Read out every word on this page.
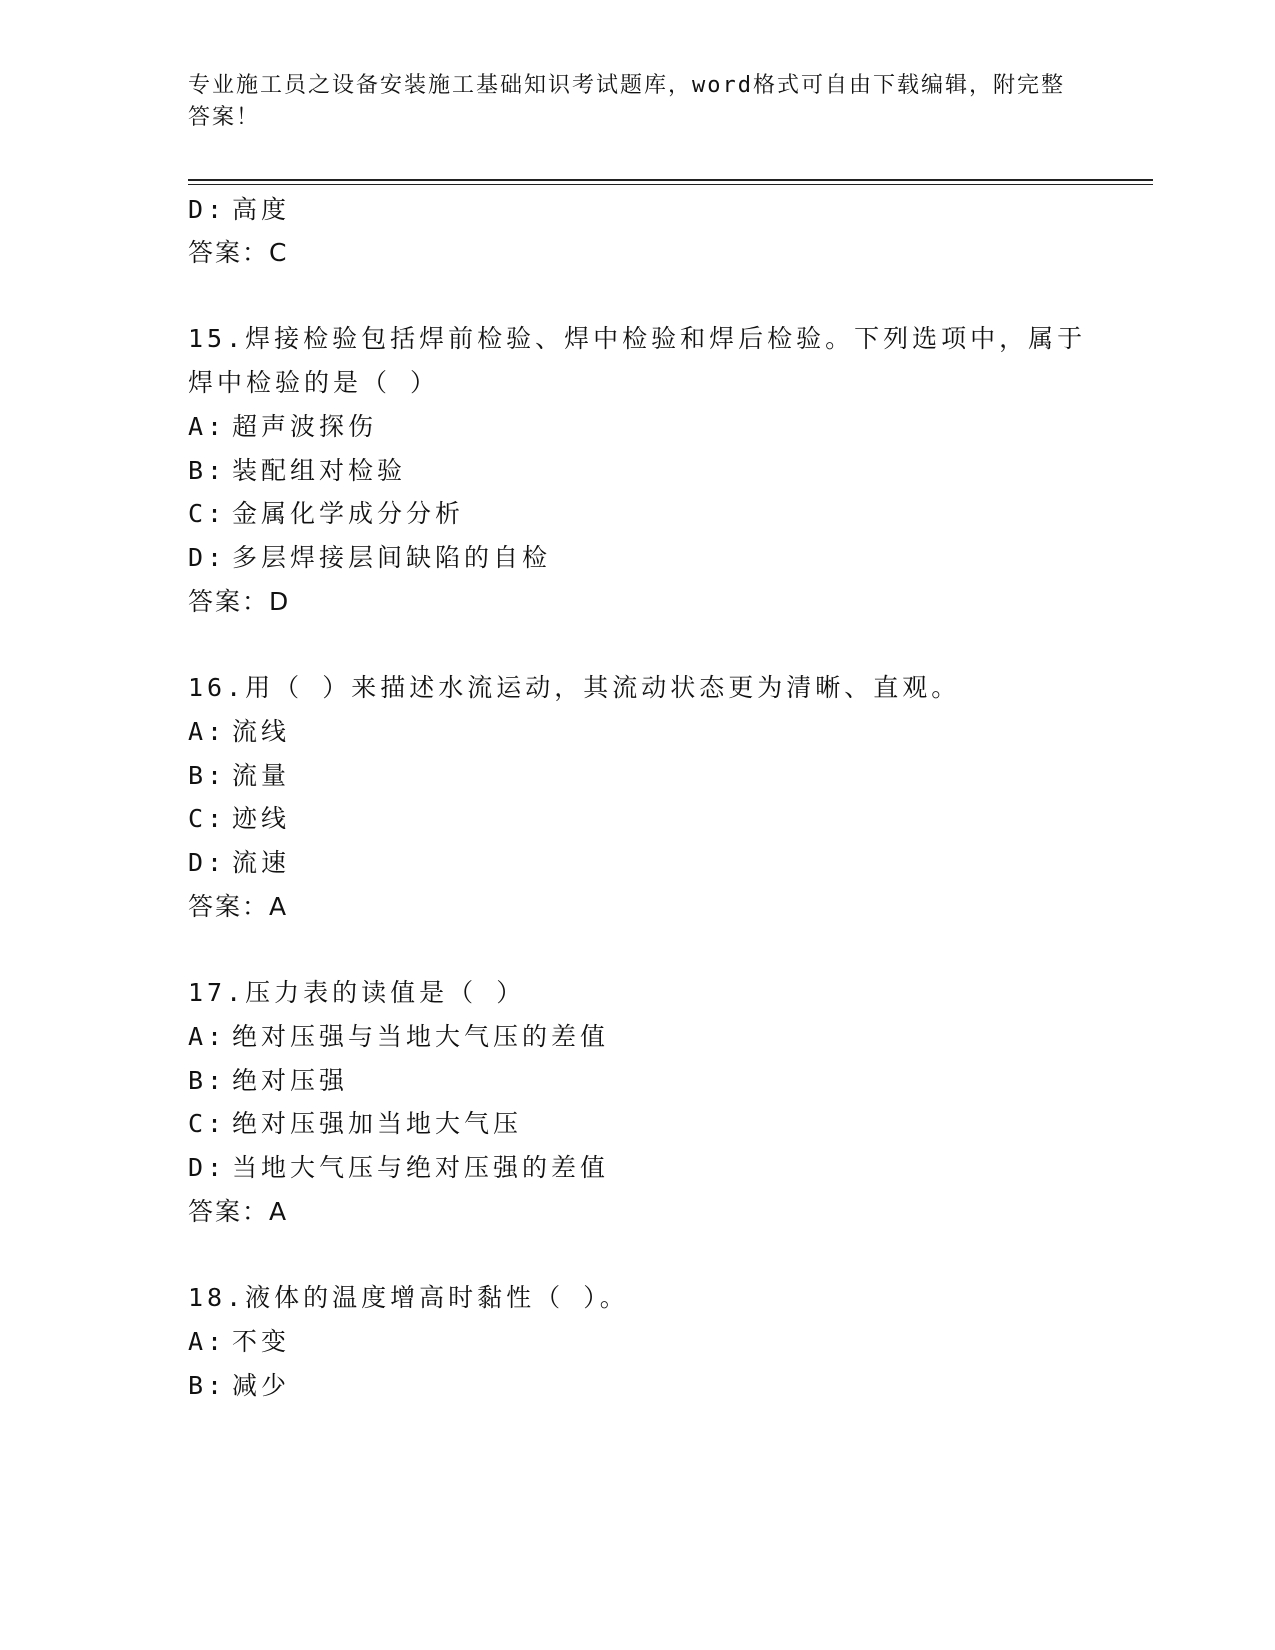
专业施工员之设备安装施工基础知识考试题库，word格式可自由下载编辑，附完整答案！
D: 高度
答案：C
15.焊接检验包括焊前检验、焊中检验和焊后检验。下列选项中，属于
焊中检验的是（ ）
A: 超声波探伤
B: 装配组对检验
C: 金属化学成分分析
D: 多层焊接层间缺陷的自检
答案：D
16.用（ ）来描述水流运动，其流动状态更为清晰、直观。
A: 流线
B: 流量
C: 迹线
D: 流速
答案：A
17.压力表的读值是（ ）
A: 绝对压强与当地大气压的差值
B: 绝对压强
C: 绝对压强加当地大气压
D: 当地大气压与绝对压强的差值
答案：A
18.液体的温度增高时黏性（ ）。
A: 不变
B: 减少
